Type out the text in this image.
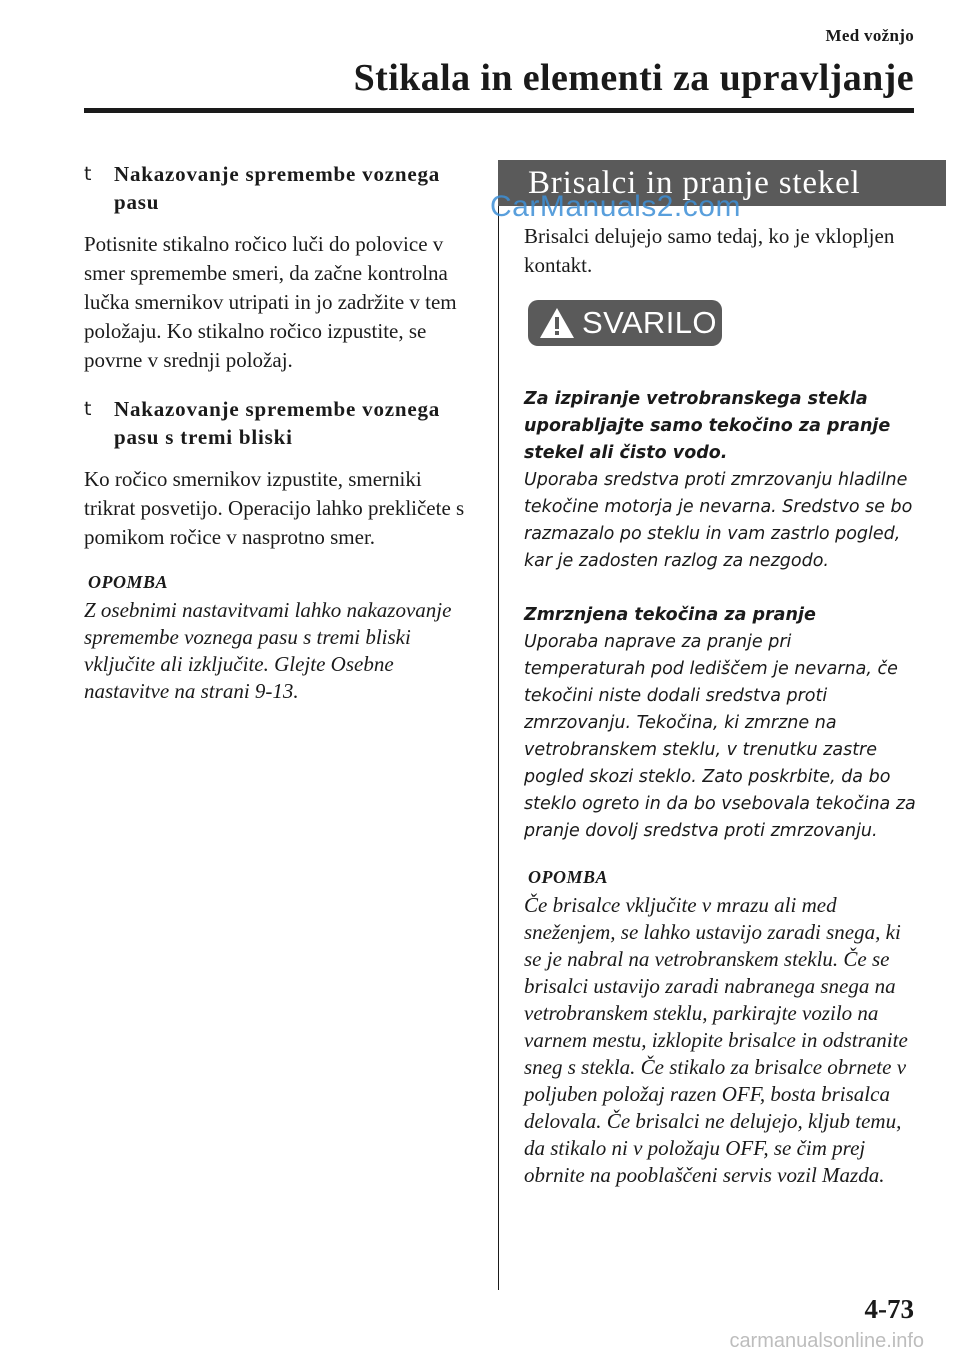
Med vožnjo
Stikala in elementi za upravljanje
t	Nakazovanje spremembe voznega pasu

Potisnite stikalno ročico luči do polovice v smer spremembe smeri, da začne kontrolna lučka smernikov utripati in jo zadržite v tem položaju. Ko stikalno ročico izpustite, se povrne v srednji položaj.

t	Nakazovanje spremembe voznega pasu s tremi bliski

Ko ročico smernikov izpustite, smerniki trikrat posvetijo. Operacijo lahko prekličete s pomikom ročice v nasprotno smer.

OPOMBA

Z osebnimi nastavitvami lahko nakazovanje spremembe voznega pasu s tremi bliski vključite ali izključite. Glejte Osebne nastavitve na strani 9-13.

Brisalci in pranje stekel

Brisalci delujejo samo tedaj, ko je vklopljen kontakt.

SVARILO

Za izpiranje vetrobranskega stekla uporabljajte samo tekočino za pranje stekel ali čisto vodo.

Uporaba sredstva proti zmrzovanju hladilne tekočine motorja je nevarna. Sredstvo se bo razmazalo po steklu in vam zastrlo pogled, kar je zadosten razlog za nezgodo.

Zmrznjena tekočina za pranje

Uporaba naprave za pranje pri temperaturah pod lediščem je nevarna, če tekočini niste dodali sredstva proti zmrzovanju. Tekočina, ki zmrzne na vetrobranskem steklu, v trenutku zastre pogled skozi steklo. Zato poskrbite, da bo steklo ogreto in da bo vsebovala tekočina za pranje dovolj sredstva proti zmrzovanju.

OPOMBA

Če brisalce vključite v mrazu ali med sneženjem, se lahko ustavijo zaradi snega, ki se je nabral na vetrobranskem steklu. Če se brisalci ustavijo zaradi nabranega snega na vetrobranskem steklu, parkirajte vozilo na varnem mestu, izklopite brisalce in odstranite sneg s stekla. Če stikalo za brisalce obrnete v poljuben položaj razen OFF, bosta brisalca delovala. Če brisalci ne delujejo, kljub temu, da stikalo ni v položaju OFF, se čim prej obrnite na pooblaščeni servis vozil Mazda.

CarManuals2.com
4-73
carmanualsonline.info
